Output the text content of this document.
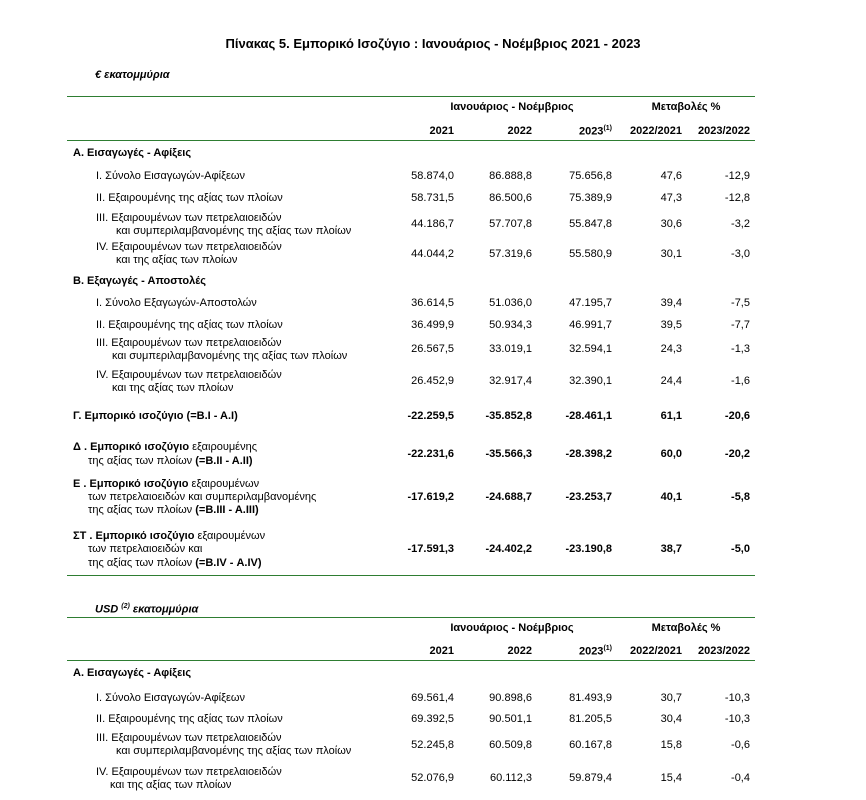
Πίνακας 5. Εμπορικό Ισοζύγιο : Ιανουάριος - Νοέμβριος 2021 - 2023
€ εκατομμύρια
Ιανουάριος - Νοέμβριος	Μεταβολές %
2021	2022	2023$^{(1)}$	2022/2021	2023/2022
Α. Εισαγωγές - Αφίξεις
Ι. Σύνολο Εισαγωγών-Αφίξεων	58.874,0	86.888,8	75.656,8	47,6	-12,9
ΙΙ. Εξαιρουμένης της αξίας των πλοίων	58.731,5	86.500,6	75.389,9	47,3	-12,8
ΙΙΙ. Εξαιρουμένων των πετρελαιοειδών
και συμπεριλαμβανομένης της αξίας των πλοίων
44.186,7	57.707,8	55.847,8	30,6	-3,2
IV. Εξαιρουμένων των πετρελαιοειδών
και της αξίας των πλοίων	44.044,2	57.319,6	55.580,9	30,1	-3,0
Β. Εξαγωγές - Αποστολές
Ι. Σύνολο Εξαγωγών-Αποστολών	36.614,5	51.036,0	47.195,7	39,4	-7,5
ΙΙ. Εξαιρουμένης της αξίας των πλοίων	36.499,9	50.934,3	46.991,7	39,5	-7,7
ΙΙΙ. Εξαιρουμένων των πετρελαιοειδών
και συμπεριλαμβανομένης της αξίας των πλοίων
26.567,5	33.019,1	32.594,1	24,3	-1,3
IV. Εξαιρουμένων των πετρελαιοειδών
και της αξίας των πλοίων
26.452,9	32.917,4	32.390,1	24,4	-1,6
Γ. Εμπορικό ισοζύγιο (=Β.Ι - Α.Ι)	-22.259,5	-35.852,8	-28.461,1	61,1	-20,6
Δ . Εμπορικό ισοζύγιο εξαιρουμένης
της αξίας των πλοίων (=Β.ΙΙ - Α.ΙΙ)
-22.231,6	-35.566,3	-28.398,2	60,0	-20,2
Ε . Εμπορικό ισοζύγιο εξαιρουμένων
των πετρελαιοειδών και συμπεριλαμβανομένης
της αξίας των πλοίων (=Β.ΙΙΙ - Α.ΙΙΙ)
-17.619,2	-24.688,7	-23.253,7	40,1	-5,8
ΣΤ . Εμπορικό ισοζύγιο εξαιρουμένων
των πετρελαιοειδών και
της αξίας των πλοίων (=Β.IV - Α.IV)
-17.591,3	-24.402,2	-23.190,8	38,7	-5,0
USD $^{(2)}$ εκατομμύρια
Ιανουάριος - Νοέμβριος	Μεταβολές %
2021	2022	2023$^{(1)}$	2022/2021	2023/2022
Α. Εισαγωγές - Αφίξεις
Ι. Σύνολο Εισαγωγών-Αφίξεων	69.561,4	90.898,6	81.493,9	30,7	-10,3
ΙΙ. Εξαιρουμένης της αξίας των πλοίων	69.392,5	90.501,1	81.205,5	30,4	-10,3
ΙΙΙ. Εξαιρουμένων των πετρελαιοειδών
και συμπεριλαμβανομένης της αξίας των πλοίων	52.245,8	60.509,8	60.167,8	15,8	-0,6
IV. Εξαιρουμένων των πετρελαιοειδών
και της αξίας των πλοίων
52.076,9	60.112,3	59.879,4	15,4	-0,4
